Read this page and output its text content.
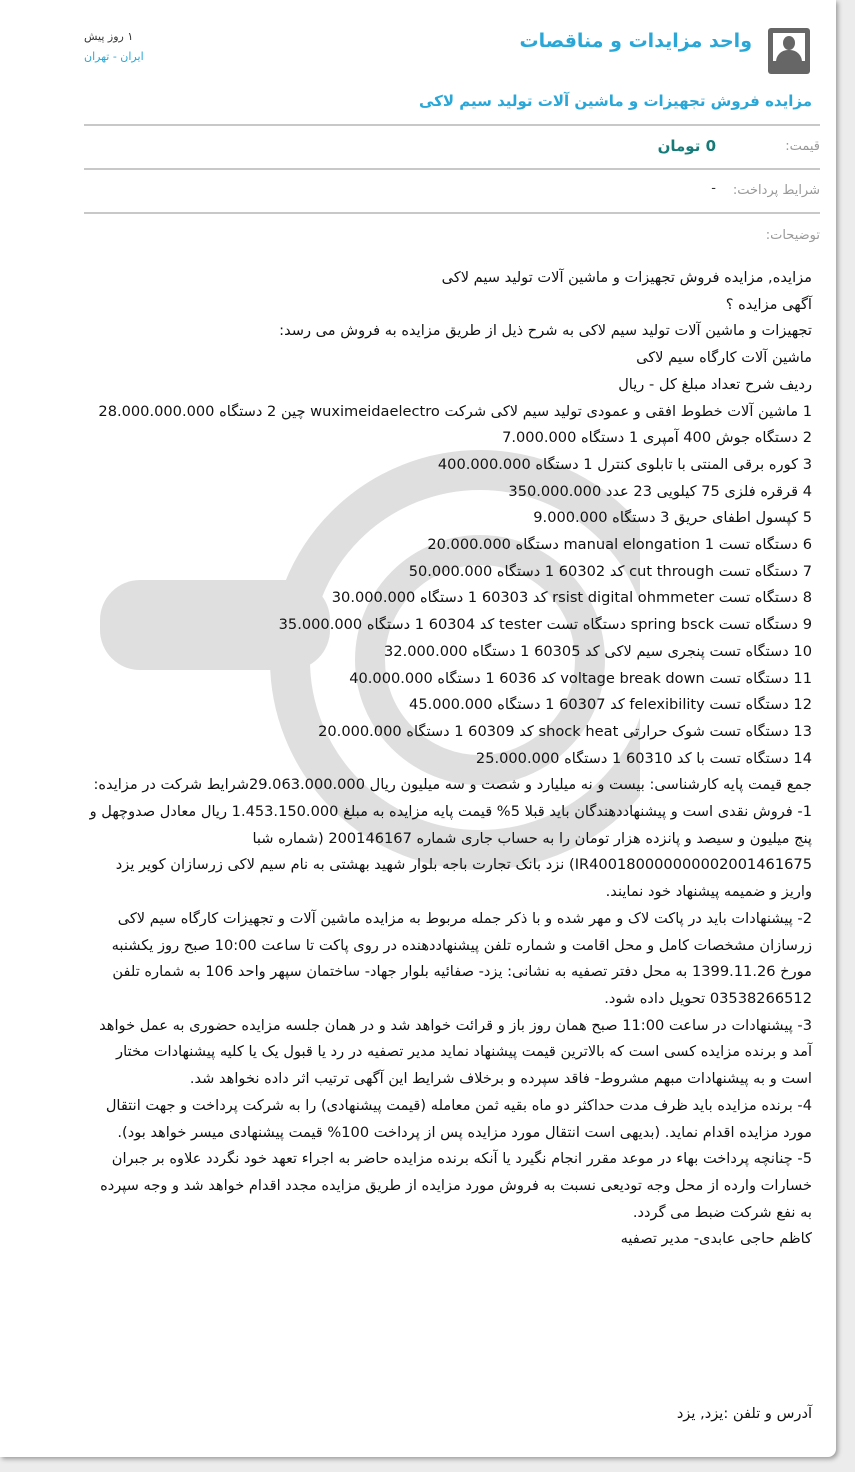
واحد مزایدات و مناقصات
۱ روز پیش
ایران - تهران
مزایده فروش تجهیزات و ماشین آلات تولید سیم لاکی
قیمت:
0 تومان
شرایط پرداخت:
-
توضیحات:
مزایده, مزایده فروش تجهیزات و ماشین آلات تولید سیم لاکی
آگهی مزایده ؟
تجهیزات و ماشین آلات تولید سیم لاکی به شرح ذیل از طریق مزایده به فروش می رسد:
ماشین آلات کارگاه سیم لاکی
ردیف شرح تعداد مبلغ کل - ریال
1 ماشین آلات خطوط افقی و عمودی تولید سیم لاکی شرکت wuximeidaelectro چین 2 دستگاه 28.000.000.000
2 دستگاه جوش 400 آمپری 1 دستگاه 7.000.000
3 کوره برقی المنتی با تابلوی کنترل 1 دستگاه 400.000.000
4 قرقره فلزی 75 کیلویی 23 عدد 350.000.000
5 کپسول اطفای حریق 3 دستگاه 9.000.000
6 دستگاه تست 1 manual elongation دستگاه 20.000.000
7 دستگاه تست cut through کد 60302 1 دستگاه 50.000.000
8 دستگاه تست rsist digital ohmmeter کد 60303 1 دستگاه 30.000.000
9 دستگاه تست spring bsck دستگاه تست tester کد 60304 1 دستگاه 35.000.000
10 دستگاه تست پنجری سیم لاکی کد 60305 1 دستگاه 32.000.000
11 دستگاه تست voltage break down کد 6036 1 دستگاه 40.000.000
12 دستگاه تست felexibility کد 60307 1 دستگاه 45.000.000
13 دستگاه تست شوک حرارتی shock heat کد 60309 1 دستگاه 20.000.000
14 دستگاه تست با کد 60310 1 دستگاه 25.000.000
جمع قیمت پایه کارشناسی: بیست و نه میلیارد و شصت و سه میلیون ریال 29.063.000.000شرایط شرکت در مزایده:
1- فروش نقدی است و پیشنهاددهندگان باید قبلا 5% قیمت پایه مزایده به مبلغ 1.453.150.000 ریال معادل صدوچهل و پنج میلیون و سیصد و پانزده هزار تومان را به حساب جاری شماره 200146167 (شماره شبا IR400180000000002001461675) نزد بانک تجارت باجه بلوار شهید بهشتی به نام سیم لاکی زرسازان کویر یزد واریز و ضمیمه پیشنهاد خود نمایند.
2- پیشنهادات باید در پاکت لاک و مهر شده و با ذکر جمله مربوط به مزایده ماشین آلات و تجهیزات کارگاه سیم لاکی زرسازان مشخصات کامل و محل اقامت و شماره تلفن پیشنهاددهنده در روی پاکت تا ساعت 10:00 صبح روز یکشنبه مورخ 1399.11.26 به محل دفتر تصفیه به نشانی: یزد- صفائیه بلوار جهاد- ساختمان سپهر واحد 106 به شماره تلفن 03538266512 تحویل داده شود.
3- پیشنهادات در ساعت 11:00 صبح همان روز باز و قرائت خواهد شد و در همان جلسه مزایده حضوری به عمل خواهد آمد و برنده مزایده کسی است که بالاترین قیمت پیشنهاد نماید مدیر تصفیه در رد یا قبول یک یا کلیه پیشنهادات مختار است و به پیشنهادات مبهم مشروط- فاقد سپرده و برخلاف شرایط این آگهی ترتیب اثر داده نخواهد شد.
4- برنده مزایده باید ظرف مدت حداکثر دو ماه بقیه ثمن معامله (قیمت پیشنهادی) را به شرکت پرداخت و جهت انتقال مورد مزایده اقدام نماید. (بدیهی است انتقال مورد مزایده پس از پرداخت 100% قیمت پیشنهادی میسر خواهد بود).
5- چنانچه پرداخت بهاء در موعد مقرر انجام نگیرد یا آنکه برنده مزایده حاضر به اجراء تعهد خود نگردد علاوه بر جبران خسارات وارده از محل وجه تودیعی نسبت به فروش مورد مزایده از طریق مزایده مجدد اقدام خواهد شد و وجه سپرده به نفع شرکت ضبط می گردد.
کاظم حاجی عابدی- مدیر تصفیه
آدرس و تلفن :یزد, یزد
